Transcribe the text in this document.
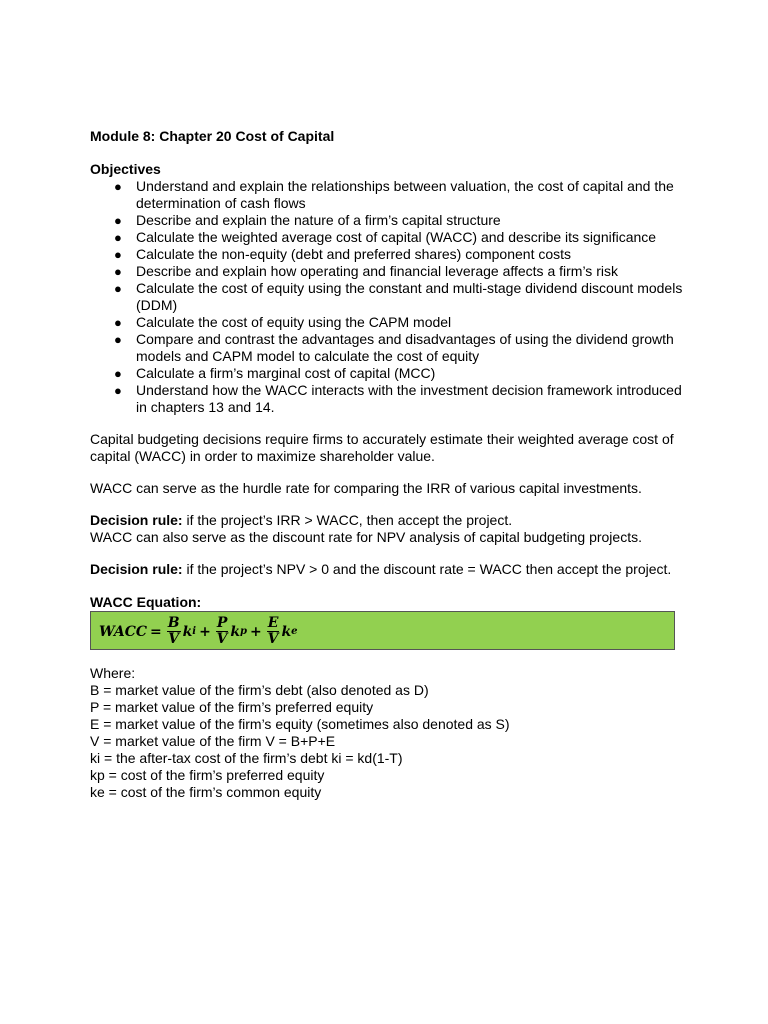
Module 8: Chapter 20 Cost of Capital

Objectives

● Understand and explain the relationships between valuation, the cost of capital and the determination of cash flows
● Describe and explain the nature of a firm’s capital structure
● Calculate the weighted average cost of capital (WACC) and describe its significance
● Calculate the non-equity (debt and preferred shares) component costs
● Describe and explain how operating and financial leverage affects a firm’s risk
● Calculate the cost of equity using the constant and multi-stage dividend discount models (DDM)
● Calculate the cost of equity using the CAPM model
● Compare and contrast the advantages and disadvantages of using the dividend growth models and CAPM model to calculate the cost of equity
● Calculate a firm’s marginal cost of capital (MCC)
● Understand how the WACC interacts with the investment decision framework introduced in chapters 13 and 14.

Capital budgeting decisions require firms to accurately estimate their weighted average cost of capital (WACC) in order to maximize shareholder value.

WACC can serve as the hurdle rate for comparing the IRR of various capital investments.

Decision rule: if the project’s IRR > WACC, then accept the project.

WACC can also serve as the discount rate for NPV analysis of capital budgeting projects.

Decision rule: if the project’s NPV > 0 and the discount rate = WACC then accept the project.

WACC Equation:

WACC = $\frac{B}{V}$ k $i + \frac{P}{V}$ k $p + \frac{E}{V}$ k e

Where:

B = market value of the firm’s debt (also denoted as D)

P = market value of the firm’s preferred equity

E = market value of the firm’s equity (sometimes also denoted as S)

V = market value of the firm V = B+P+E

ki = the after-tax cost of the firm’s debt ki = kd(1-T)

kp = cost of the firm’s preferred equity

ke = cost of the firm’s common equity
